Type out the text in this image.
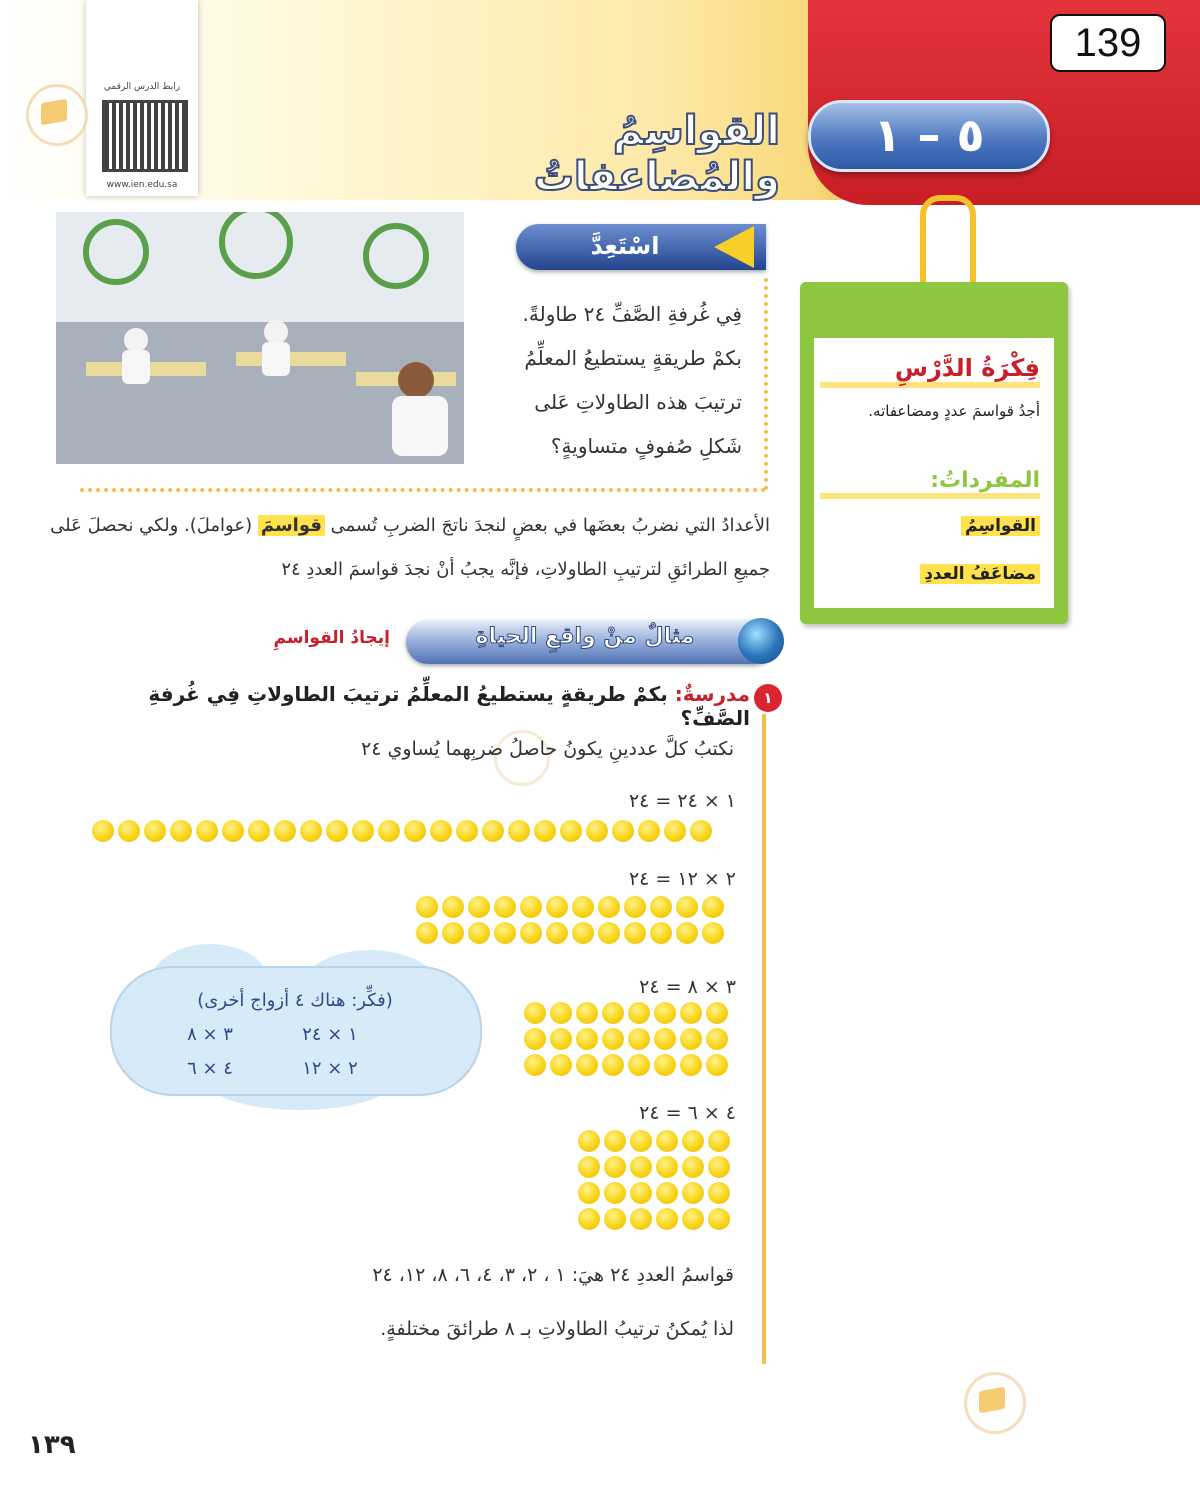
139
٥ – ١
القواسِمُ والمُضاعفاتُ
رابط الدرس الرقمي
www.ien.edu.sa
فِكْرَةُ الدَّرْسِ
أجدُ قواسمَ عددٍ ومضاعفاته.
المفرداتُ:
القواسِمُ
مضاعَفُ العددِ
اسْتَعِدَّ
فِي غُرفةِ الصَّفِّ ٢٤ طاولةً.
بكمْ طريقةٍ يستطيعُ المعلِّمُ
ترتيبَ هذه الطاولاتِ عَلى
شَكلِ صُفوفٍ متساويةٍ؟
الأعدادُ التي نضربُ بعضَها في بعضٍ لنجدَ ناتجَ الضربِ تُسمى قواسمَ (عواملَ). ولكي نحصلَ عَلى جميعِ الطرائقِ لترتيبِ الطاولاتِ، فإنَّه يجبُ أنْ نجدَ قواسمَ العددِ ٢٤
مثالٌ منْ واقعِ الحياةِ
إيجادُ القواسمِ
١
مدرسةٌ: بكمْ طريقةٍ يستطيعُ المعلِّمُ ترتيبَ الطاولاتِ فِي غُرفةِ الصَّفِّ؟
نكتبُ كلَّ عددينِ يكونُ حاصلُ ضربِهما يُساوي ٢٤
١ × ٢٤ = ٢٤
٢ × ١٢ = ٢٤
٣ × ٨ = ٢٤
٤ × ٦ = ٢٤
(فكِّر: هناك ٤ أزواج أخرى)
١ × ٢٤
٣ × ٨
٢ × ١٢
٤ × ٦
قواسمُ العددِ ٢٤ هيَ: ١ ، ٢، ٣، ٤، ٦، ٨، ١٢، ٢٤
لذا يُمكنُ ترتيبُ الطاولاتِ بـ ٨ طرائقَ مختلفةٍ.
١٣٩
